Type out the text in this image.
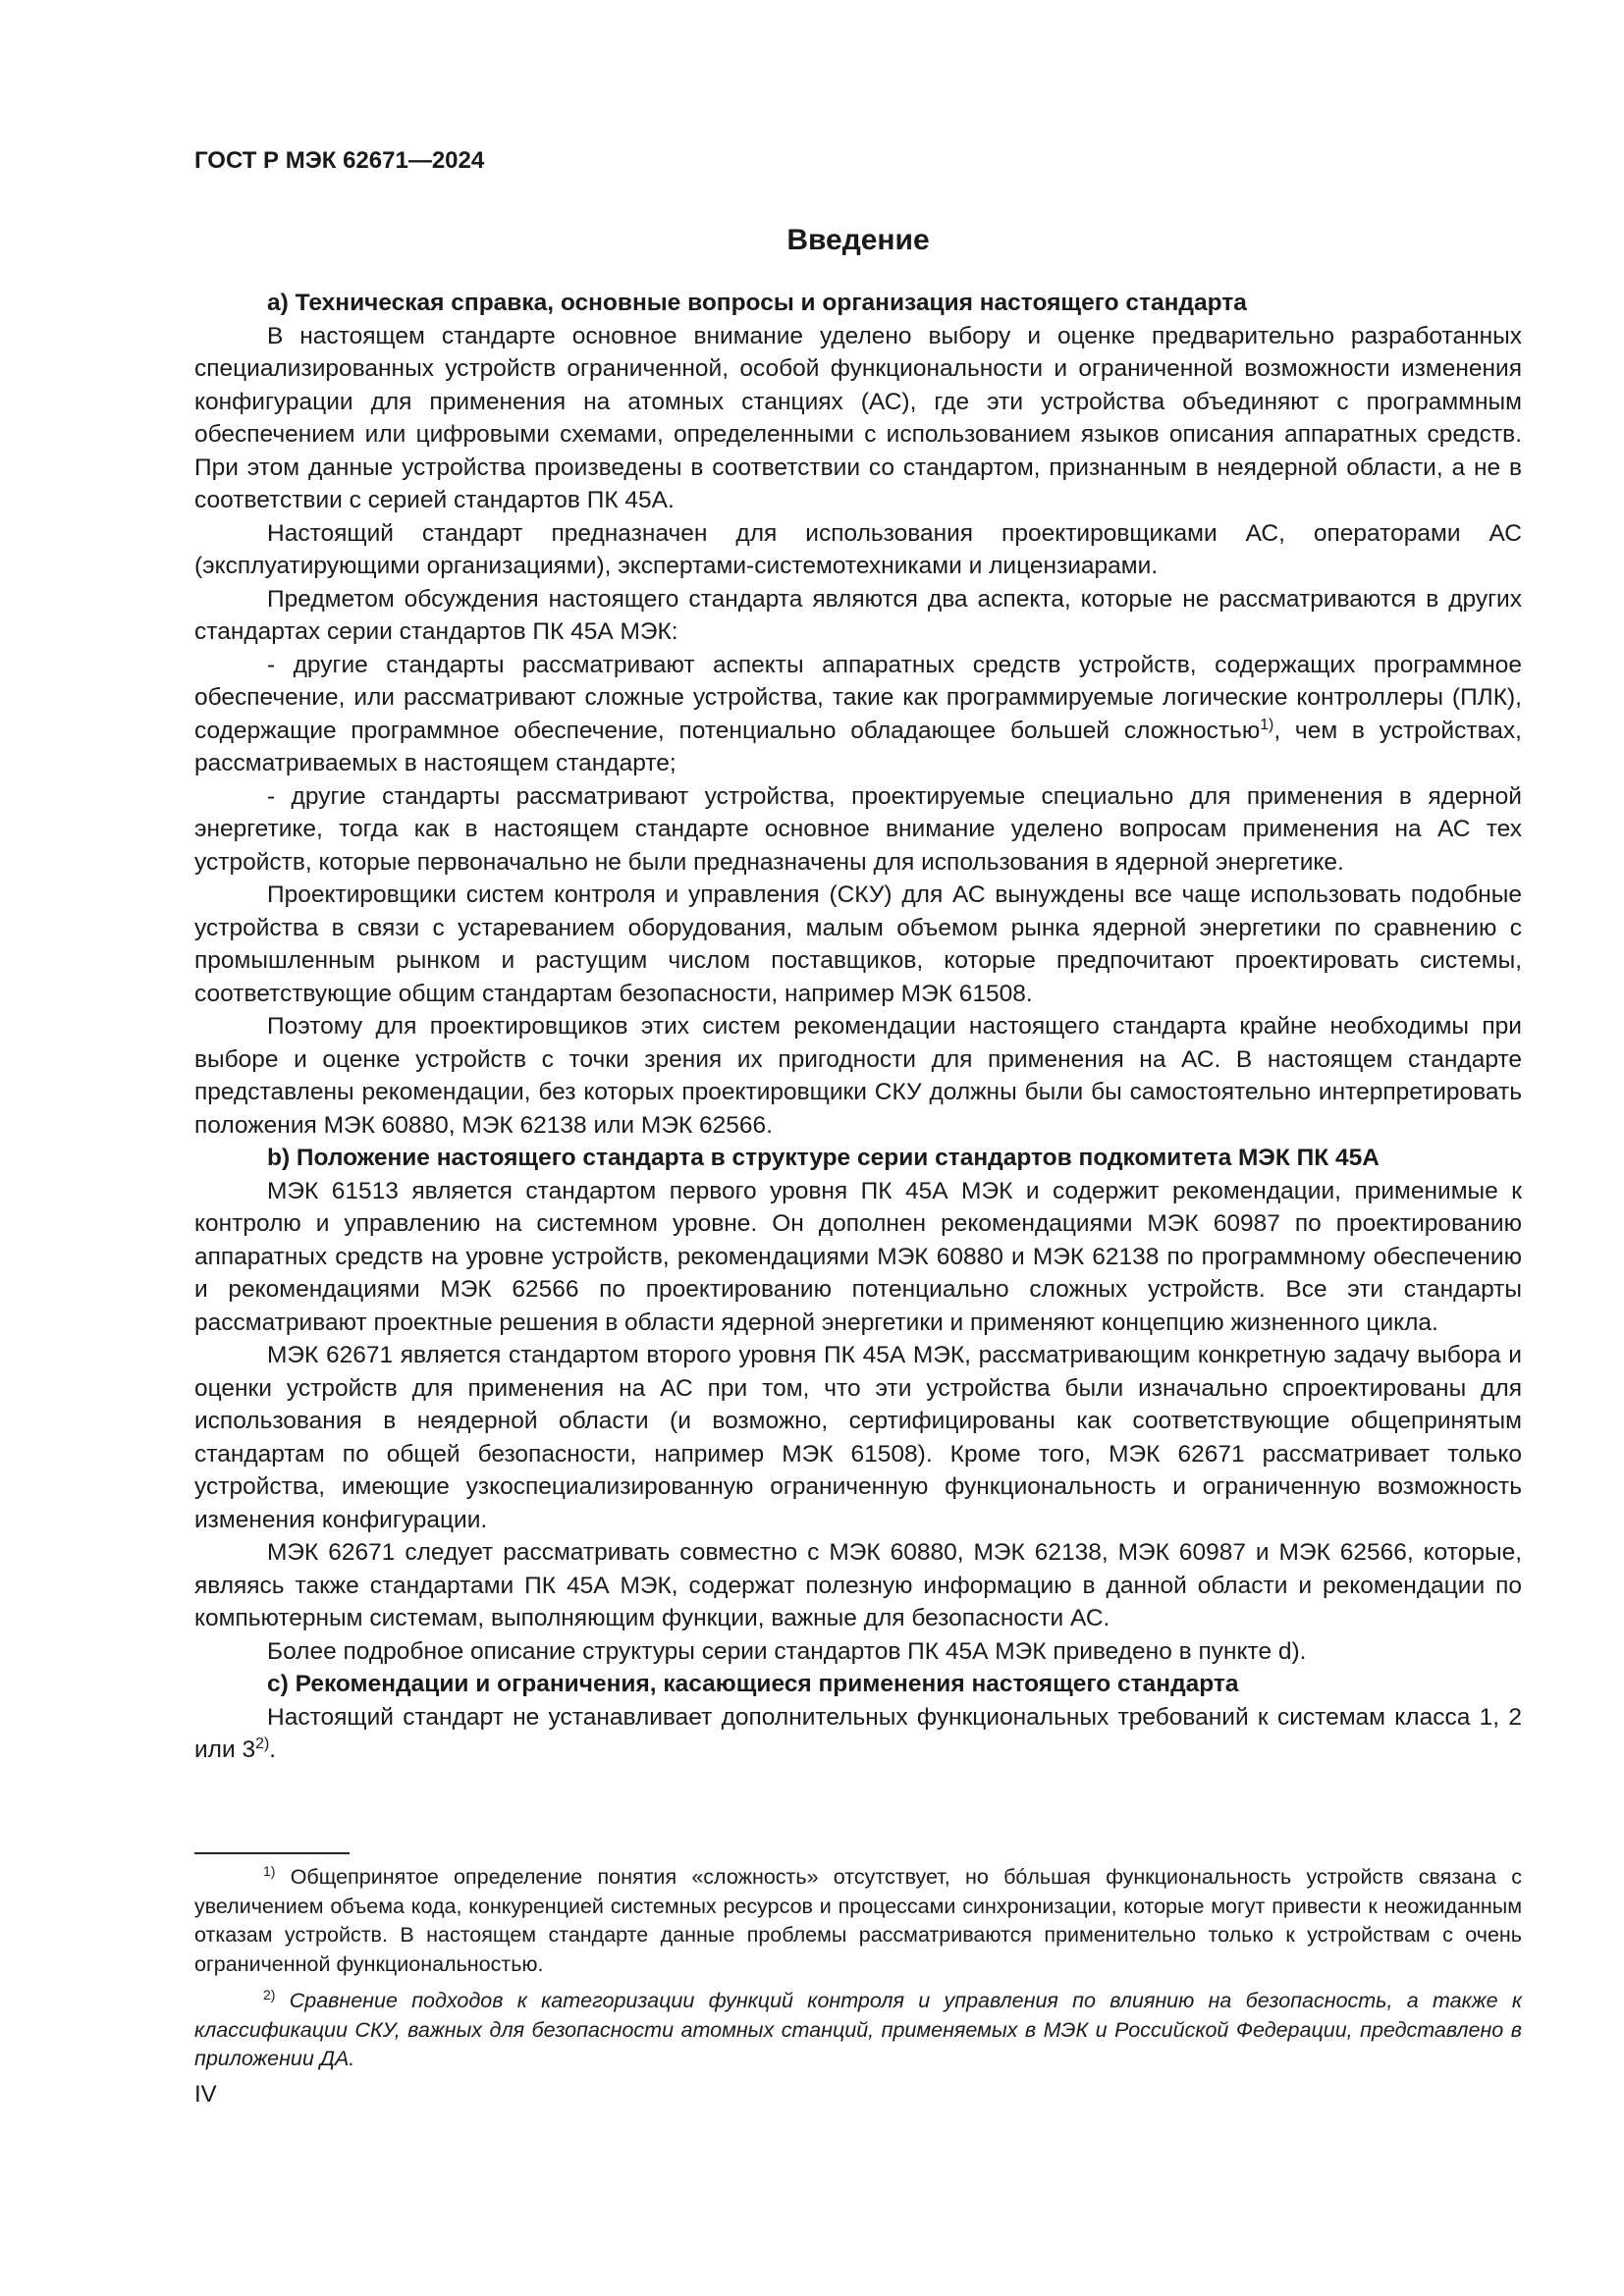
ГОСТ Р МЭК 62671—2024
Введение

а) Техническая справка, основные вопросы и организация настоящего стандарта

В настоящем стандарте основное внимание уделено выбору и оценке предварительно разработанных специализированных устройств ограниченной, особой функциональности и ограниченной возможности изменения конфигурации для применения на атомных станциях (АС), где эти устройства объединяют с программным обеспечением или цифровыми схемами, определенными с использованием языков описания аппаратных средств. При этом данные устройства произведены в соответствии со стандартом, признанным в неядерной области, а не в соответствии с серией стандартов ПК 45А.

Настоящий стандарт предназначен для использования проектировщиками АС, операторами АС (эксплуатирующими организациями), экспертами-системотехниками и лицензиарами.

Предметом обсуждения настоящего стандарта являются два аспекта, которые не рассматриваются в других стандартах серии стандартов ПК 45А МЭК:

- другие стандарты рассматривают аспекты аппаратных средств устройств, содержащих программное обеспечение, или рассматривают сложные устройства, такие как программируемые логические контроллеры (ПЛК), содержащие программное обеспечение, потенциально обладающее большей сложностью$^{1)}$, чем в устройствах, рассматриваемых в настоящем стандарте;

- другие стандарты рассматривают устройства, проектируемые специально для применения в ядерной энергетике, тогда как в настоящем стандарте основное внимание уделено вопросам применения на АС тех устройств, которые первоначально не были предназначены для использования в ядерной энергетике.

Проектировщики систем контроля и управления (СКУ) для АС вынуждены все чаще использовать подобные устройства в связи с устареванием оборудования, малым объемом рынка ядерной энергетики по сравнению с промышленным рынком и растущим числом поставщиков, которые предпочитают проектировать системы, соответствующие общим стандартам безопасности, например МЭК 61508.

Поэтому для проектировщиков этих систем рекомендации настоящего стандарта крайне необходимы при выборе и оценке устройств с точки зрения их пригодности для применения на АС. В настоящем стандарте представлены рекомендации, без которых проектировщики СКУ должны были бы самостоятельно интерпретировать положения МЭК 60880, МЭК 62138 или МЭК 62566.

b) Положение настоящего стандарта в структуре серии стандартов подкомитета МЭК ПК 45А

МЭК 61513 является стандартом первого уровня ПК 45А МЭК и содержит рекомендации, применимые к контролю и управлению на системном уровне. Он дополнен рекомендациями МЭК 60987 по проектированию аппаратных средств на уровне устройств, рекомендациями МЭК 60880 и МЭК 62138 по программному обеспечению и рекомендациями МЭК 62566 по проектированию потенциально сложных устройств. Все эти стандарты рассматривают проектные решения в области ядерной энергетики и применяют концепцию жизненного цикла.

МЭК 62671 является стандартом второго уровня ПК 45А МЭК, рассматривающим конкретную задачу выбора и оценки устройств для применения на АС при том, что эти устройства были изначально спроектированы для использования в неядерной области (и возможно, сертифицированы как соответствующие общепринятым стандартам по общей безопасности, например МЭК 61508). Кроме того, МЭК 62671 рассматривает только устройства, имеющие узкоспециализированную ограниченную функциональность и ограниченную возможность изменения конфигурации.

МЭК 62671 следует рассматривать совместно с МЭК 60880, МЭК 62138, МЭК 60987 и МЭК 62566, которые, являясь также стандартами ПК 45А МЭК, содержат полезную информацию в данной области и рекомендации по компьютерным системам, выполняющим функции, важные для безопасности АС.

Более подробное описание структуры серии стандартов ПК 45А МЭК приведено в пункте d).

с) Рекомендации и ограничения, касающиеся применения настоящего стандарта

Настоящий стандарт не устанавливает дополнительных функциональных требований к системам класса 1, 2 или 3$^{2)}$.

$^{1)}$ Общепринятое определение понятия «сложность» отсутствует, но бóльшая функциональность устройств связана с увеличением объема кода, конкуренцией системных ресурсов и процессами синхронизации, которые могут привести к неожиданным отказам устройств. В настоящем стандарте данные проблемы рассматриваются применительно только к устройствам с очень ограниченной функциональностью.

$^{2)}$ Сравнение подходов к категоризации функций контроля и управления по влиянию на безопасность, а также к классификации СКУ, важных для безопасности атомных станций, применяемых в МЭК и Российской Федерации, представлено в приложении ДА.

IV
